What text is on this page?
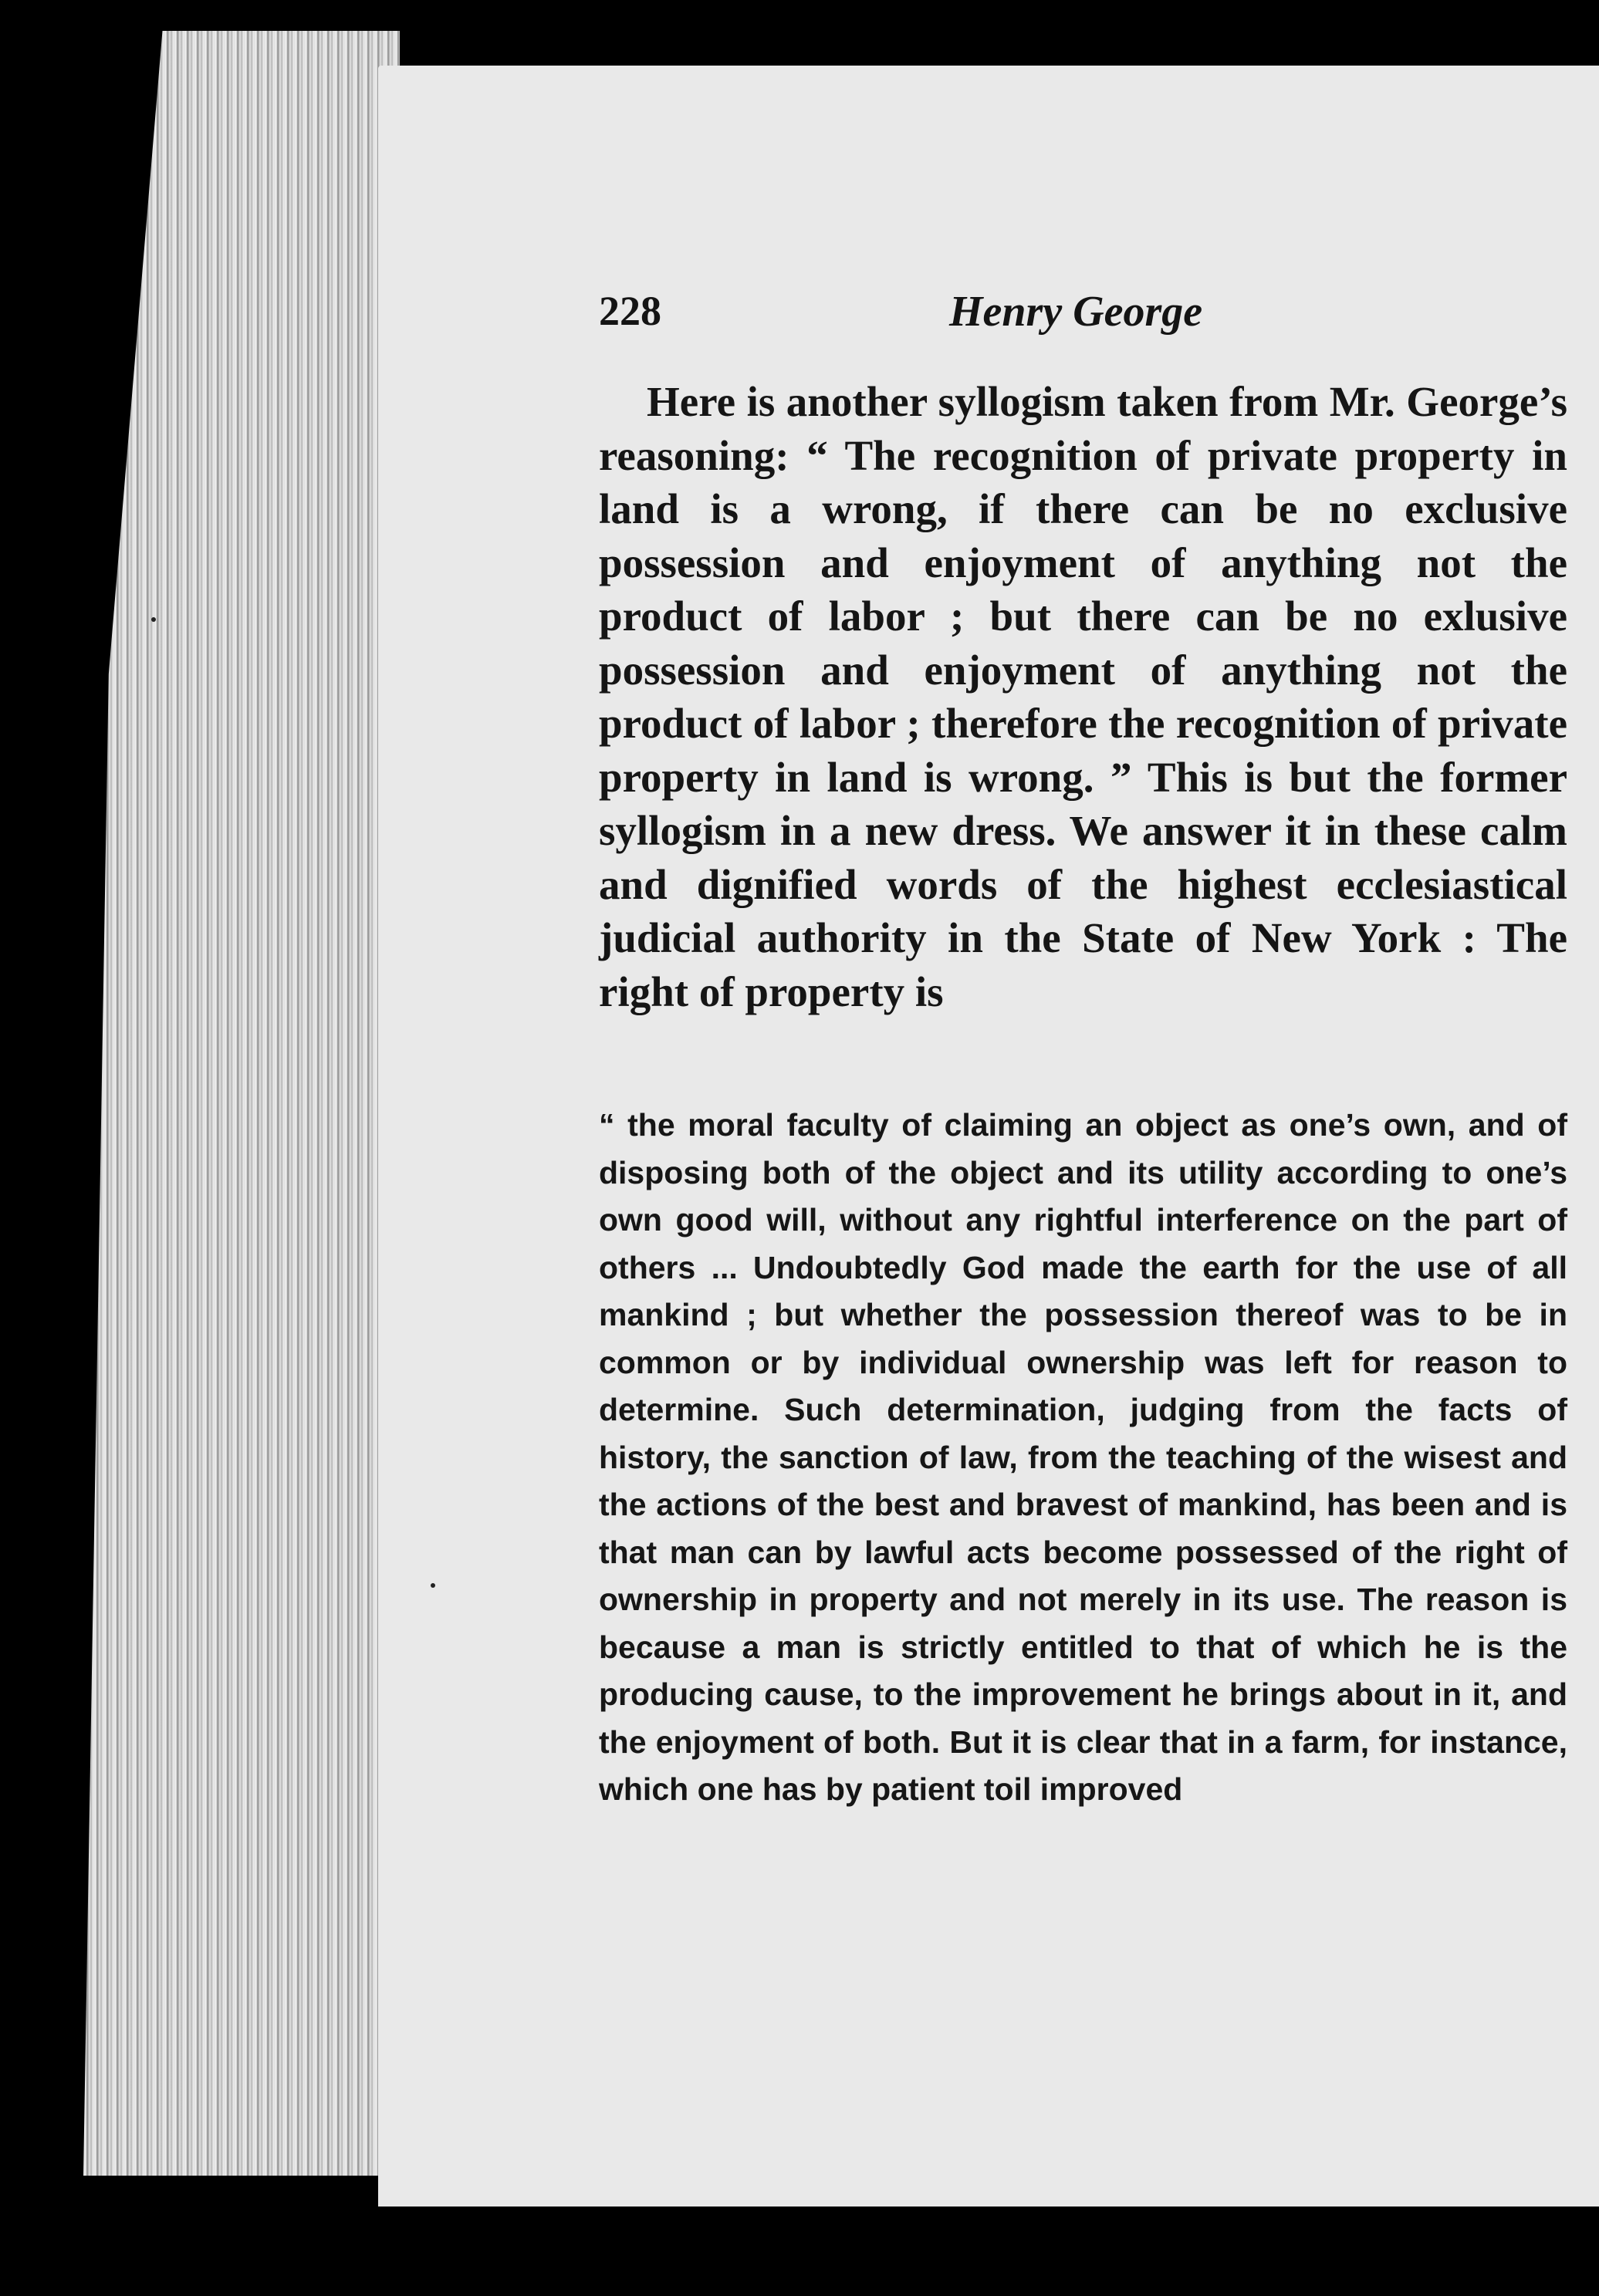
228	Henry George

Here is another syllogism taken from Mr. George’s reasoning: “ The recognition of private property in land is a wrong, if there can be no exclusive possession and enjoyment of anything not the product of labor ; but there can be no exlusive possession and enjoyment of anything not the product of labor ; therefore the recognition of private property in land is wrong. ” This is but the former syllogism in a new dress. We answer it in these calm and dignified words of the highest ecclesiastical judicial authority in the State of New York : The right of property is

“ the moral faculty of claiming an object as one’s own, and of disposing both of the object and its utility according to one’s own good will, without any rightful interference on the part of others ... Undoubtedly God made the earth for the use of all mankind ; but whether the possession thereof was to be in common or by individual ownership was left for reason to determine. Such determination, judging from the facts of history, the sanction of law, from the teaching of the wisest and the actions of the best and bravest of mankind, has been and is that man can by lawful acts become possessed of the right of ownership in property and not merely in its use. The reason is because a man is strictly entitled to that of which he is the producing cause, to the improvement he brings about in it, and the enjoyment of both. But it is clear that in a farm, for instance, which one has by patient toil improved
